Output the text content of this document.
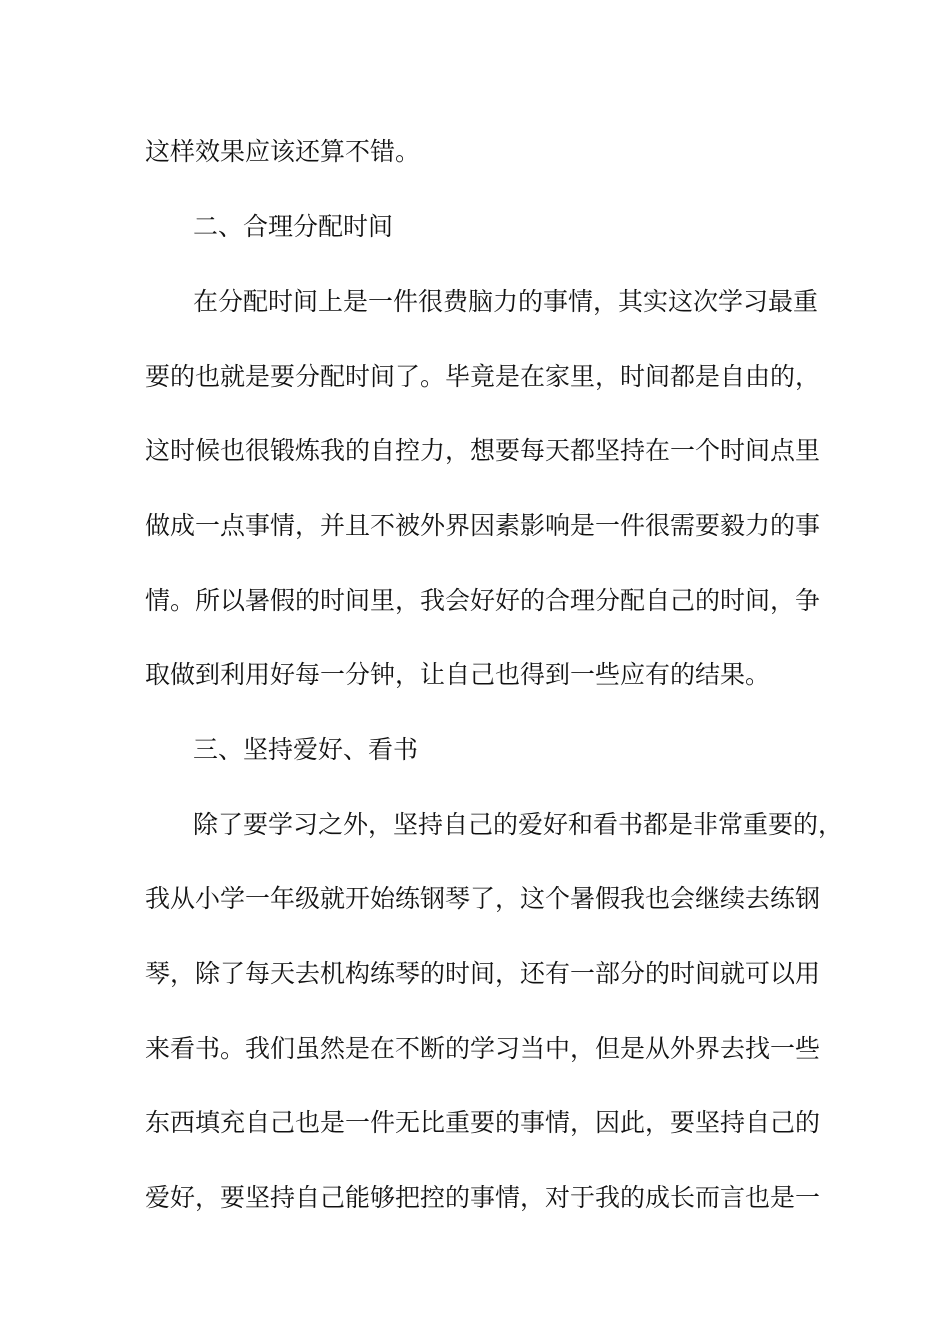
这样效果应该还算不错。
二、合理分配时间
在分配时间上是一件很费脑力的事情，其实这次学习最重
要的也就是要分配时间了。毕竟是在家里，时间都是自由的，
这时候也很锻炼我的自控力，想要每天都坚持在一个时间点里
做成一点事情，并且不被外界因素影响是一件很需要毅力的事
情。所以暑假的时间里，我会好好的合理分配自己的时间，争
取做到利用好每一分钟，让自己也得到一些应有的结果。
三、坚持爱好、看书
除了要学习之外，坚持自己的爱好和看书都是非常重要的，
我从小学一年级就开始练钢琴了，这个暑假我也会继续去练钢
琴，除了每天去机构练琴的时间，还有一部分的时间就可以用
来看书。我们虽然是在不断的学习当中，但是从外界去找一些
东西填充自己也是一件无比重要的事情，因此，要坚持自己的
爱好，要坚持自己能够把控的事情，对于我的成长而言也是一
